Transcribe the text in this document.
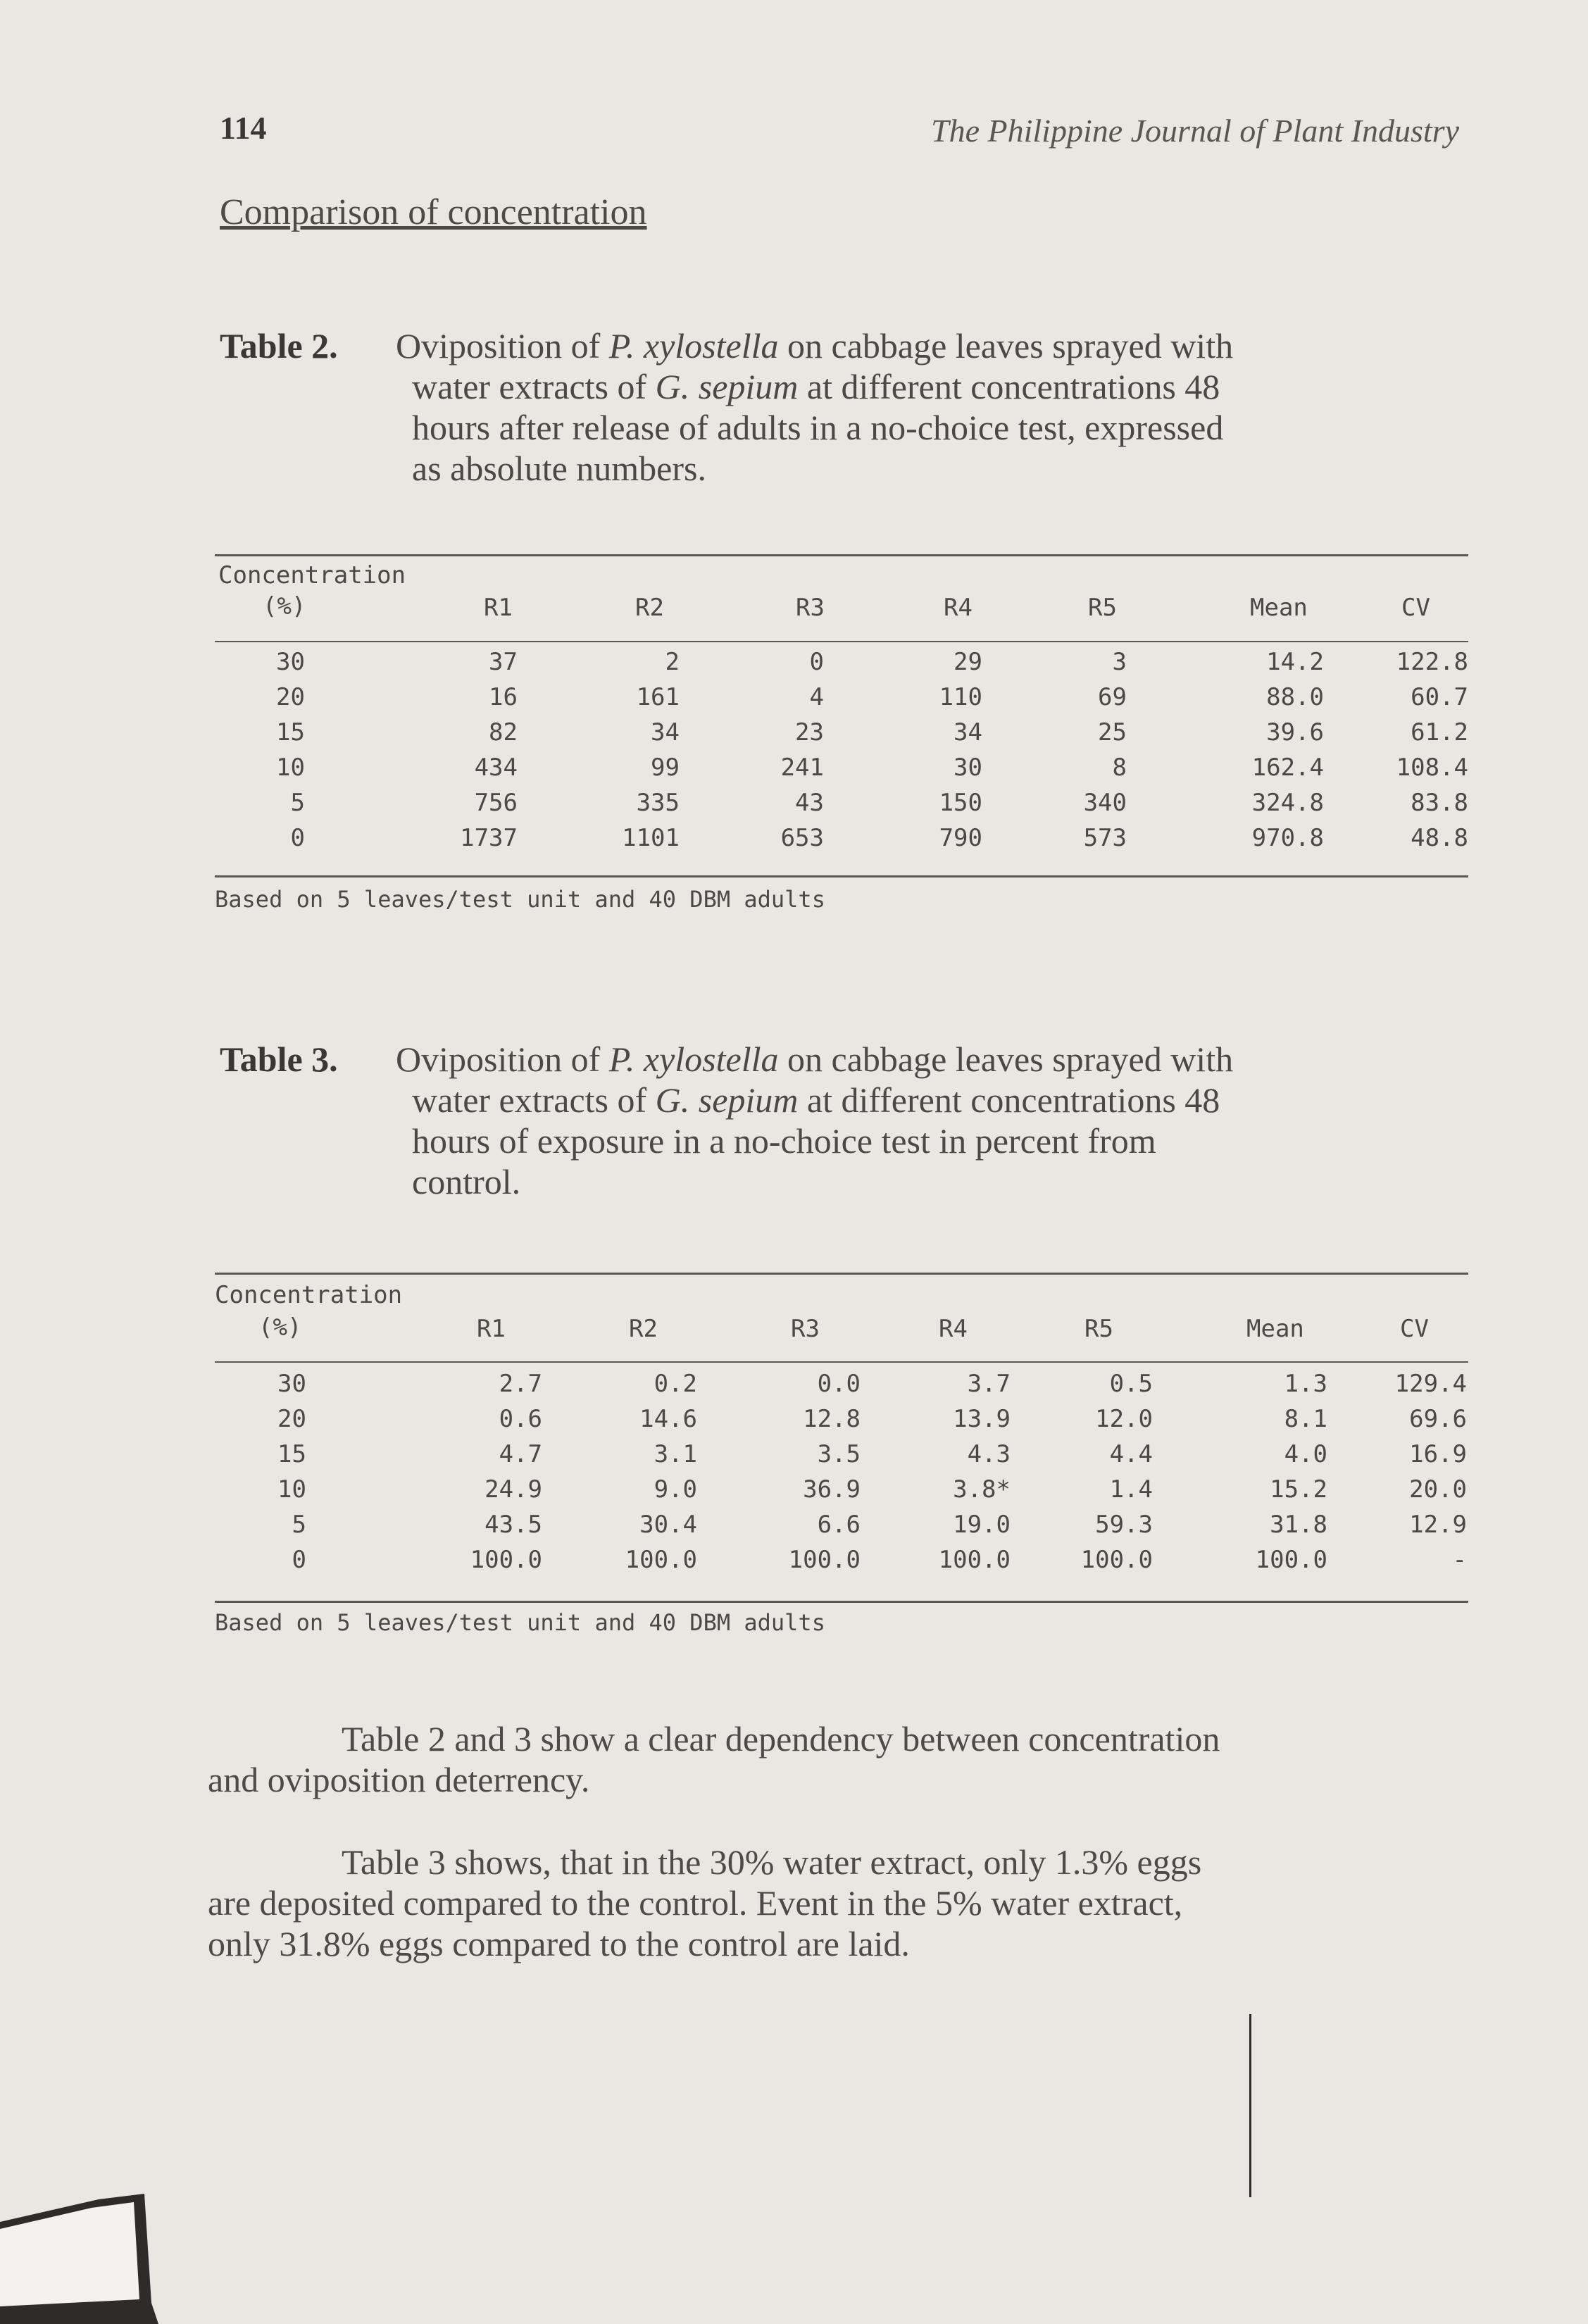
114	The Philippine Journal of Plant Industry
Comparison of concentration
Table 2. Oviposition of P. xylostella on cabbage leaves sprayed with
water extracts of G. sepium at different concentrations 48
hours after release of adults in a no-choice test, expressed
as absolute numbers.
Concentration
(%)	R1	R2	R3	R4	R5	Mean	CV
30	37	2	0	29	3	14.2	122.8
20	16	161	4	110	69	88.0	60.7
15	82	34	23	34	25	39.6	61.2
10	434	99	241	30	8	162.4	108.4
5	756	335	43	150	340	324.8	83.8
0	1737	1101	653	790	573	970.8	48.8
Based on 5 leaves/test unit and 40 DBM adults
Table 3. Oviposition of P. xylostella on cabbage leaves sprayed with
water extracts of G. sepium at different concentrations 48
hours of exposure in a no-choice test in percent from
control.
Concentration
(%)	R1	R2	R3	R4	R5	Mean	CV
30	2.7	0.2	0.0	3.7	0.5	1.3	129.4
20	0.6	14.6	12.8	13.9	12.0	8.1	69.6
15	4.7	3.1	3.5	4.3	4.4	4.0	16.9
10	24.9	9.0	36.9	3.8*	1.4	15.2	20.0
5	43.5	30.4	6.6	19.0	59.3	31.8	12.9
0	100.0	100.0	100.0	100.0	100.0	100.0	-
Based on 5 leaves/test unit and 40 DBM adults
Table 2 and 3 show a clear dependency between concentration
and oviposition deterrency.
Table 3 shows, that in the 30% water extract, only 1.3% eggs
are deposited compared to the control. Event in the 5% water extract,
only 31.8% eggs compared to the control are laid.
